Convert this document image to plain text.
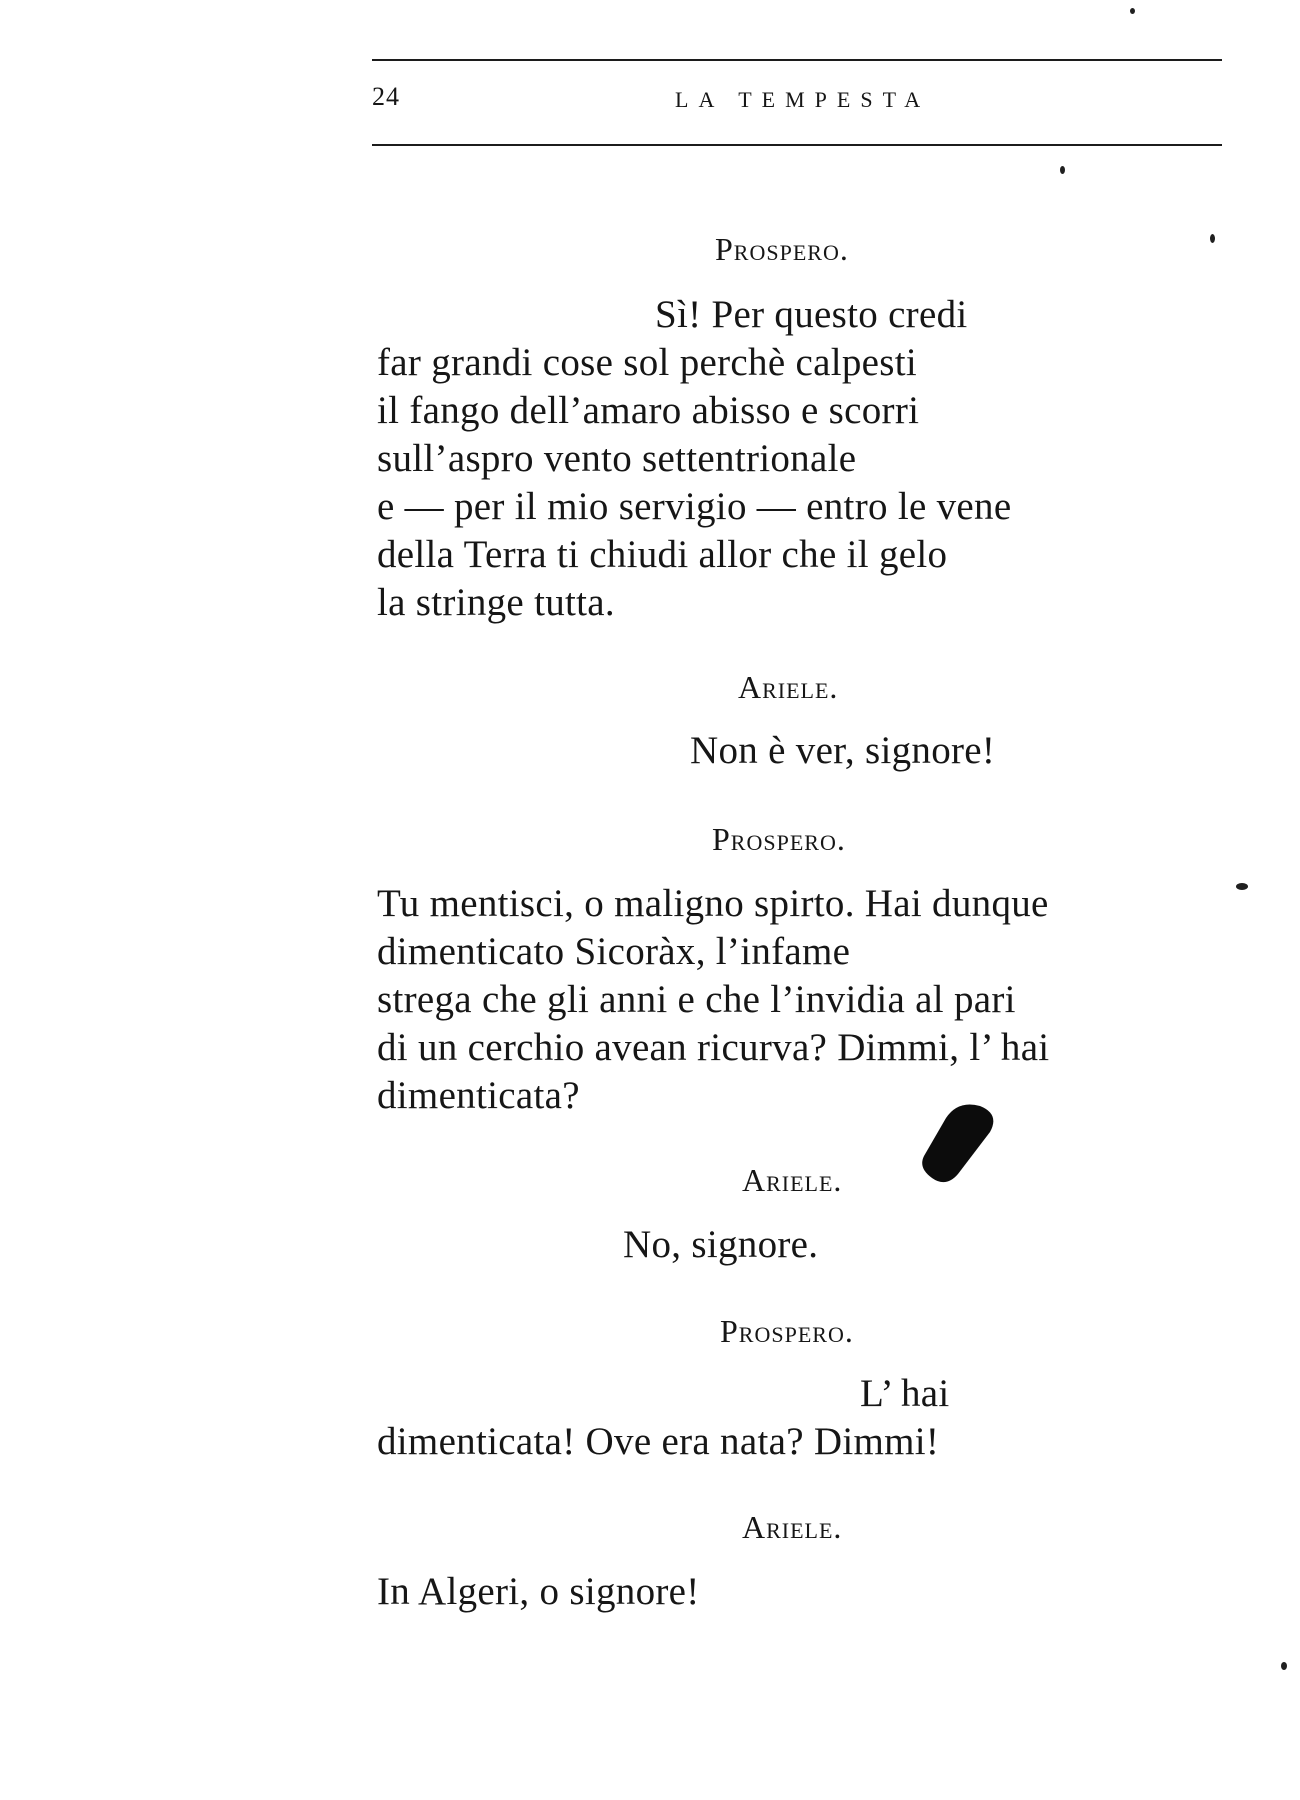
24	LA TEMPESTA
Prospero.
Sì! Per questo credi
far grandi cose sol perchè calpesti
il fango dell’amaro abisso e scorri
sull’aspro vento settentrionale
e — per il mio servigio — entro le vene
della Terra ti chiudi allor che il gelo
la stringe tutta.
Ariele.
Non è ver, signore!
Prospero.
Tu mentisci, o maligno spirto. Hai dunque
dimenticato Sicoràx, l’infame
strega che gli anni e che l’invidia al pari
di un cerchio avean ricurva? Dimmi, l’ hai
dimenticata?
Ariele.
No, signore.
Prospero.
L’ hai
dimenticata! Ove era nata? Dimmi!
Ariele.
In Algeri, o signore!
